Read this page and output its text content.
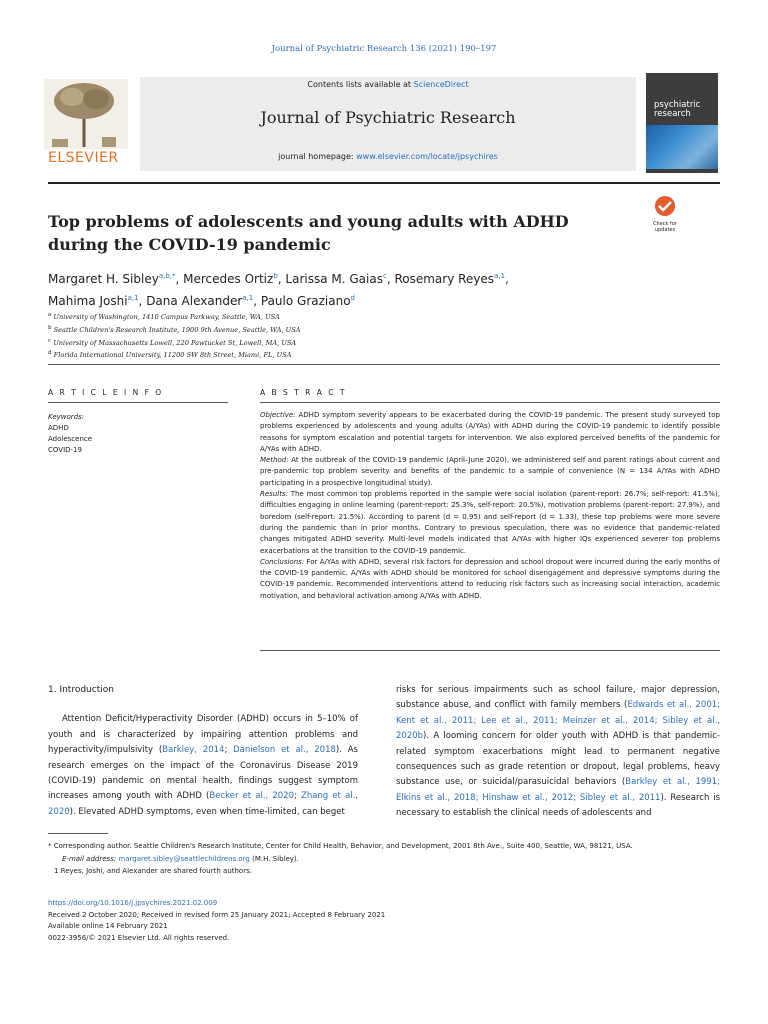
Journal of Psychiatric Research 136 (2021) 190–197
ELSEVIER
Contents lists available at ScienceDirect
Journal of Psychiatric Research
journal homepage: www.elsevier.com/locate/jpsychires
psychiatric research
Top problems of adolescents and young adults with ADHD during the COVID-19 pandemic
Check for updates
Margaret H. Sibley$^{a,b,*}$, Mercedes Ortiz$^b$, Larissa M. Gaias$^c$, Rosemary Reyes$^{a,1}$,
Mahima Joshi$^{a,1}$, Dana Alexander$^{a,1}$, Paulo Graziano$^d$
$^a$ University of Washington, 1410 Campus Parkway, Seattle, WA, USA
$^b$ Seattle Children's Research Institute, 1900 9th Avenue, Seattle, WA, USA
$^c$ University of Massachusetts Lowell, 220 Pawtucket St, Lowell, MA, USA
$^d$ Florida International University, 11200 SW 8th Street, Miami, FL, USA
A R T I C L E I N F O
Keywords:
ADHD
Adolescence
COVID-19
A B S T R A C T
Objective: ADHD symptom severity appears to be exacerbated during the COVID-19 pandemic. The present study surveyed top problems experienced by adolescents and young adults (A/YAs) with ADHD during the COVID-19 pandemic to identify possible reasons for symptom escalation and potential targets for intervention. We also explored perceived benefits of the pandemic for A/YAs with ADHD.
Method: At the outbreak of the COVID-19 pandemic (April–June 2020), we administered self and parent ratings about current and pre-pandemic top problem severity and benefits of the pandemic to a sample of convenience (N = 134 A/YAs with ADHD participating in a prospective longitudinal study).
Results: The most common top problems reported in the sample were social isolation (parent-report: 26.7%; self-report: 41.5%), difficulties engaging in online learning (parent-report: 25.3%, self-report: 20.5%), motivation problems (parent-report: 27.9%), and boredom (self-report: 21.5%). According to parent (d = 0.95) and self-report (d = 1.33), these top problems were more severe during the pandemic than in prior months. Contrary to previous speculation, there was no evidence that pandemic-related changes mitigated ADHD severity. Multi-level models indicated that A/YAs with higher IQs experienced severer top problems exacerbations at the transition to the COVID-19 pandemic.
Conclusions: For A/YAs with ADHD, several risk factors for depression and school dropout were incurred during the early months of the COVID-19 pandemic. A/YAs with ADHD should be monitored for school disengagement and depressive symptoms during the COVID-19 pandemic. Recommended interventions attend to reducing risk factors such as increasing social interaction, academic motivation, and behavioral activation among A/YAs with ADHD.
1. Introduction
Attention Deficit/Hyperactivity Disorder (ADHD) occurs in 5–10% of youth and is characterized by impairing attention problems and hyperactivity/impulsivity (Barkley, 2014; Danielson et al., 2018). As research emerges on the impact of the Coronavirus Disease 2019 (COVID-19) pandemic on mental health, findings suggest symptom increases among youth with ADHD (Becker et al., 2020; Zhang et al., 2020). Elevated ADHD symptoms, even when time-limited, can beget
risks for serious impairments such as school failure, major depression, substance abuse, and conflict with family members (Edwards et al., 2001; Kent et al., 2011; Lee et al., 2011; Meinzer et al., 2014; Sibley et al., 2020b). A looming concern for older youth with ADHD is that pandemic-related symptom exacerbations might lead to permanent negative consequences such as grade retention or dropout, legal problems, heavy substance use, or suicidal/parasuicidal behaviors (Barkley et al., 1991; Elkins et al., 2018; Hinshaw et al., 2012; Sibley et al., 2011). Research is necessary to establish the clinical needs of adolescents and

* Corresponding author. Seattle Children's Research Institute, Center for Child Health, Behavior, and Development, 2001 8th Ave., Suite 400, Seattle, WA, 98121, USA.

E-mail address: margaret.sibley@seattlechildrens.org (M.H. Sibley).

1 Reyes, Joshi, and Alexander are shared fourth authors.

https://doi.org/10.1016/j.jpsychires.2021.02.009

Received 2 October 2020; Received in revised form 25 January 2021; Accepted 8 February 2021

Available online 14 February 2021

0022-3956/© 2021 Elsevier Ltd. All rights reserved.
